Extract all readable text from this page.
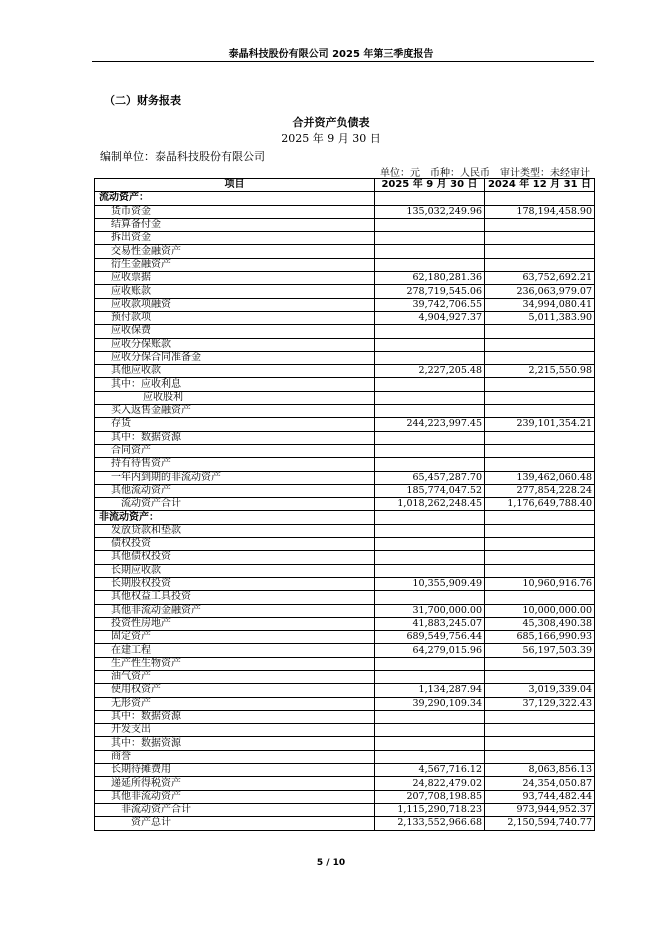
泰晶科技股份有限公司 2025 年第三季度报告
（二）财务报表
合并资产负债表
2025 年 9 月 30 日
编制单位：泰晶科技股份有限公司
单位：元 币种：人民币 审计类型：未经审计
项目	2025 年 9 月 30 日	2024 年 12 月 31 日
流动资产：		
货币资金	135,032,249.96	178,194,458.90
结算备付金		
拆出资金		
交易性金融资产		
衍生金融资产		
应收票据	62,180,281.36	63,752,692.21
应收账款	278,719,545.06	236,063,979.07
应收款项融资	39,742,706.55	34,994,080.41
预付款项	4,904,927.37	5,011,383.90
应收保费		
应收分保账款		
应收分保合同准备金		
其他应收款	2,227,205.48	2,215,550.98
其中：应收利息		
应收股利		
买入返售金融资产		
存货	244,223,997.45	239,101,354.21
其中：数据资源		
合同资产		
持有待售资产		
一年内到期的非流动资产	65,457,287.70	139,462,060.48
其他流动资产	185,774,047.52	277,854,228.24
流动资产合计	1,018,262,248.45	1,176,649,788.40
非流动资产：		
发放贷款和垫款		
债权投资		
其他债权投资		
长期应收款		
长期股权投资	10,355,909.49	10,960,916.76
其他权益工具投资		
其他非流动金融资产	31,700,000.00	10,000,000.00
投资性房地产	41,883,245.07	45,308,490.38
固定资产	689,549,756.44	685,166,990.93
在建工程	64,279,015.96	56,197,503.39
生产性生物资产		
油气资产		
使用权资产	1,134,287.94	3,019,339.04
无形资产	39,290,109.34	37,129,322.43
其中：数据资源		
开发支出		
其中：数据资源		
商誉		
长期待摊费用	4,567,716.12	8,063,856.13
递延所得税资产	24,822,479.02	24,354,050.87
其他非流动资产	207,708,198.85	93,744,482.44
非流动资产合计	1,115,290,718.23	973,944,952.37
资产总计	2,133,552,966.68	2,150,594,740.77
5 / 10
